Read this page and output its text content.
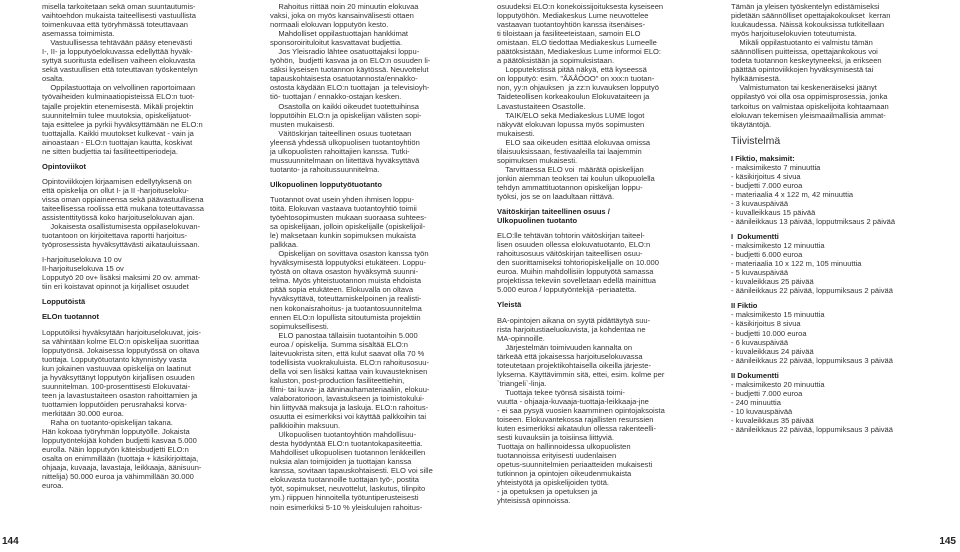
misella tarkoitetaan sekä oman suuntautumis-

vaihtoehdon mukaista taiteellisesti vastuullista

toimenkuvaa että työryhmässä toteuttavaan

asemassa toimimista.

Vastuullisessa tehtävään pääsy etenevästi

I-, II- ja lopputyöelokuvassa edellyttää hyväk-

syttyä suoritusta edellisen vaiheen elokuvasta

sekä vastuullisen että toteuttavan työskentelyn

osalta.

Oppilastuottaja on velvollinen raportoimaan

työvaiheiden kulminaatiopisteissä ELO:n tuot-

tajalle projektin etenemisestä. Mikäli projektin

suunnitelmiin tulee muutoksia, opiskelijatuot-

taja esittelee ja pyrkii hyväksyttämään ne ELO:n

tuottajalla. Kaikki muutokset kulkevat - vain ja

ainoastaan - ELO:n tuottajan kautta, koskivat

ne sitten budjettia tai fasiliteettiperiodeja.

Opintoviikot

Opintoviikkojen kirjaamisen edellytyksenä on

että opiskelija on ollut I- ja II -harjoituseloku-

vissa oman oppiaineensa sekä päävastuullisena

taiteellisessa roolissa että mukana toteuttavassa

assistenttityössä koko harjoituselokuvan ajan.

Jokaisesta osallistumisesta oppilaselokuvan-

tuotantoon on kirjoitettava raportti harjoitus-

työprosessista hyväksyttävästi aikatauluissaan.

I-harjoituselokuva 10 ov

II-harjoituselokuva 15 ov

Lopputyö 20 ov+ lisäksi maksimi 20 ov. ammat-

tiin eri koistavat opinnot ja kirjalliset osuudet

Lopputöistä

ELOn tuotannot

Lopputöiksi hyväksytään harjoituselokuvat, jois-

sa vähintään kolme ELO:n opiskelijaa suorittaa

lopputyönsä. Jokaisessa lopputyössä on oltava

tuottaja. Lopputyötuotanto käynnistyy vasta

kun jokainen vastuuvaa opiskelija on laatinut

ja hyväksyttänyt lopputyön kirjallisen osuuden

suunnitelman. 100-prosenttisesti Elokuvatai-

teen ja lavastustaiteen osaston rahoittamien ja

tuottamien lopputöiden perusrahaksi korva-

merkitään 30.000 euroa.

Raha on tuotanto-opiskelijan takana.

Hän kokoaa työryhmän lopputyölle. Jokaista

lopputyöntekijää kohden budjetti kasvaa 5.000

eurolla. Näin lopputyön käteisbudjetti ELO:n

osalta on enimmillään (tuottaja + käsikirjoittaja,

ohjaaja, kuvaaja, lavastaja, leikkaaja, äänisuun-

nittelija) 50.000 euroa ja vähimmillään 30.000

euroa.

Rahoitus riittää noin 20 minuutin elokuvaa

vaksi, joka on myös kansainvälisesti ottaen

normaali elokuvan lopputyön kesto.

Mahdolliset oppilastuottajan hankkimat

sponsoroirituloitut kasvattavat budjettia.

Jos Yleisradio lähtee osatuottajaksi loppu-

työhön,  budjetti kasvaa ja on ELO:n osuuden li-

säksi kyseisen tuotannon käytössä. Neuvottelut

tapauskohtaisesta osatuotannosta/ennakko-

ostosta käydään ELO:n tuottajan  ja televisioyh-

tiö- tuottajan / ennakko-ostajan kesken.

Osastolla on kaikki oikeudet tuotettuihinsa

lopputöihin ELO:n ja opiskelijan välisten sopi-

musten mukaisesti.

Väitöskirjan taiteellinen osuus tuotetaan

yleensä yhdessä ulkopuolisen tuotantoyhtiön

ja ulkopuolisten rahoittajien kanssa. Tutki-

mussuunnitelmaan on liitettävä hyväksyttävä

tuotanto- ja rahoitussuunnitelma.

Ulkopuolinen lopputyötuotanto

Tuotannot ovat usein yhden ihmisen loppu-

töitä. Elokuvan vastaava tuotantoyhtiö toimii

työehtosopimusten mukaan suoraasa suhtees-

sa opiskelijaan, jolloin opiskelijalle (opiskelijoil-

le) maksetaan kunkin sopimuksen mukaista

palkkaa.

Opiskelijan on sovittava osaston kanssa työn

hyväksymisestä lopputyöksi etukäteen. Loppu-

työstä on oltava osaston hyväksymä suunni-

telma. Myös yhteistuotannon muista ehdoista

pitää sopia etukäteen. Elokuvalla on oltava

hyväksyttävä, toteuttamiskelpoinen ja realisti-

nen kokonaisrahoitus- ja tuotantosuunnitelma

ennen ELO:n lopullista sitoutumista projektiin

sopimuksellisesti.

ELO panostaa tällaisiin tuotantoihin 5.000

euroa / opiskelija. Summa sisältää ELO:n

laitevuokrista siten, että kulut saavat olla 70 %

todellisista vuokrakuluista. ELO:n rahoitusosuu-

della voi sen lisäksi kattaa vain kuvausteknisen

kaluston, post-production fasiliteettiehin,

filmi- tai kuva- ja ääninauhamateriaaliin, elokuu-

valaboratorioon, lavastukseen ja toimistokului-

hin liittyvää maksuja ja laskuja. ELO:n rahoitus-

osuutta ei esimerkiksi voi käyttää palkkoihin tai

palkkioihin maksuun.

Ulkopuolisen tuotantoyhtiön mahdollisuu-

desta hyödyntää ELO:n tuotantokapasiteettia.

Mahdolliset ulkopuolisen tuotannon lenkkeillen

nuksia alan toimijoiden ja tuottajan kanssa

kanssa, sovitaan tapauskohtaisesti. ELO voi sille

elokuvasta tuotannoille tuottajan työ-, postita

työt, sopimukset, neuvottelut, laskutus, tilinpito

ym.) riippuen hinnoitella työtuntiperusteisesti

noin esimerkiksi 5-10 % yleiskulujen rahoitus-

osuudeksi ELO:n konekoissijoituksesta kyseiseen

lopputyöhön. Mediakeskus Lume neuvottelee

vastaavan tuotantoyhtiön kanssa itsenäises-

ti tiloistaan ja fasiliteeteistaan, samoin ELO

omistaan. ELO tiedottaa Mediakeskus Lumeelle

päätöksistään, Mediakeskus Lume informoi ELO:

a päätöksistään ja sopimuksistaan.

Lopputekstissä pitää näkyä, että kyseessä

on lopputyö: esim. "ÅÄÅÖOO" on xxx:n tuotan-

non, yy:n ohjauksen  ja zz:n kuvauksen lopputyö

Taideteollisen korkeakoulun Elokuvataiteen ja

Lavastustaiteen Osastolle.

TAIK/ELO sekä Mediakeskus LUME logot

näkyvät elokuvan lopussa myös sopimusten

mukaisesti.

ELO saa oikeuden esittää elokuvaa omissa

tilaisuuksissaan, festivaaleilla tai laajemmin

sopimuksen mukaisesti.

Tarvittaessa ELO voi  määrätä opiskelijan

jonkin aiemman teoksen tai koulun ulkopuolella

tehdyn ammattituotannon opiskelijan loppu-

työksi, jos se on laadultaan riittävä.

Väitöskirjan taiteellinen osuus /

Ulkopuolinen tuotanto

ELO:lle tehtävän tohtorin väitöskirjan taiteel-

lisen osuuden ollessa elokuvatuotanto, ELO:n

rahoitusosuus väitöskirjan taiteellisen osuu-

den suorittamiseksi tohtoriopiskelijalle on 10.000

euroa. Muihin mahdollisiin lopputyötä samassa

projektissa tekeviin sovelletaan edellä mainittua

5.000 euroa / lopputyöntekijä -periaatetta.

Yleistä

BA-opintojen aikana on syytä pidättäytyä suu-

rista harjoitustiaeluokuvista, ja kohdentaa ne

MA-opinnoille.

Järjestelmän toimivuuden kannalta on

tärkeää että jokaisessa harjoituselokuvassa

toteutetaan projektikohtaisella oikeilla järjeste-

lykserna. Käyttävimmin sitä, ettei, esim. kolme per

`triangeli`-linja.

Tuottaja tekee työnsä sisäistä toimi-

vuutta - ohjaaja-kuvaaja-tuottaja-leikkaaja-jne

- ei saa pysyä vuosien kaamminen opintojaksoista

toiseen. Elokuvantekossa rajallisten resurssien

kuten esimerkiksi aikataulun ollessa rakenteelli-

sesti kuvauksiin ja toisiinsa liittyviä.

Tuottaja on hallinnoidessa ulkopuolisten

tuotannoissa erityisesti uudenlaisen

opetus-suunnitelmien periaatteiden mukaisesti

tutkinnon ja opintojen oikeudenmukaista

yhteistyötä ja opiskelijoiden työtä.

- ja opetuksen ja opetuksen ja

yhteisissä opinnoissa.

Tämän ja yleisen työskentelyn edistämiseksi

pidetään säännölliset opettajakokoukset  kerran

kuukaudessa. Näissä kokouksissa tutkitellaan

myös harjoituselokuvien toteutumista.

Mikäli oppilastuotanto ei valmistu tämän

säännöllisen puitteissa, opettajankokous voi

todeta tuotannon keskeytyneeksi, ja erikseen

päättää opintoviikkojen hyväksymisestä tai

hylkäämisestä.

Valmistumaton tai keskeneräiseksi jäänyt

oppilastyö voi olla osa oppimisprosessia, jonka

tarkoitus on valmistaa opiskelijoita kohtaamaan

elokuvan tekemisen yleismaailmallisia ammat-

tikäytäntöjä.

Tiivistelmä

I Fiktio, maksimit:

- maksimikesto 7 minuuttia

- käsikirjoitus 4 sivua

- budjetti 7.000 euroa

- materiaalia 4 x 122 m, 42 minuuttia

- 3 kuvauspäivää

- kuvalleikkaus 15 päivää

- äänileikkaus 13 päivää, lopputmiksaus 2 päivää

I  Dokumentti

- maksimikesto 12 minuuttia

- budjetti 6.000 euroa

- materiaalia 10 x 122 m, 105 minuuttia

- 5 kuvauspäivää

- kuvaleikkaus 25 päivää

- äänileikkaus 22 päivää, loppumiksaus 2 päivää

II Fiktio

- maksimikesto 15 minuuttia

- käsikirjoitus 8 sivua

- budjetti 10.000 euroa

- 6 kuvauspäivää

- kuvaleikkaus 24 päivää

- äänileikkaus 22 päivää, loppumiksaus 3 päivää

II Dokumentti

- maksimikesto 20 minuuttia

- budjetti 7.000 euroa

- 240 minuuttia

- 10 kuvauspäivää

- kuvaleikkaus 35 päivää

- äänileikkaus 22 päivää, loppumiksaus 3 päivää

144	145
